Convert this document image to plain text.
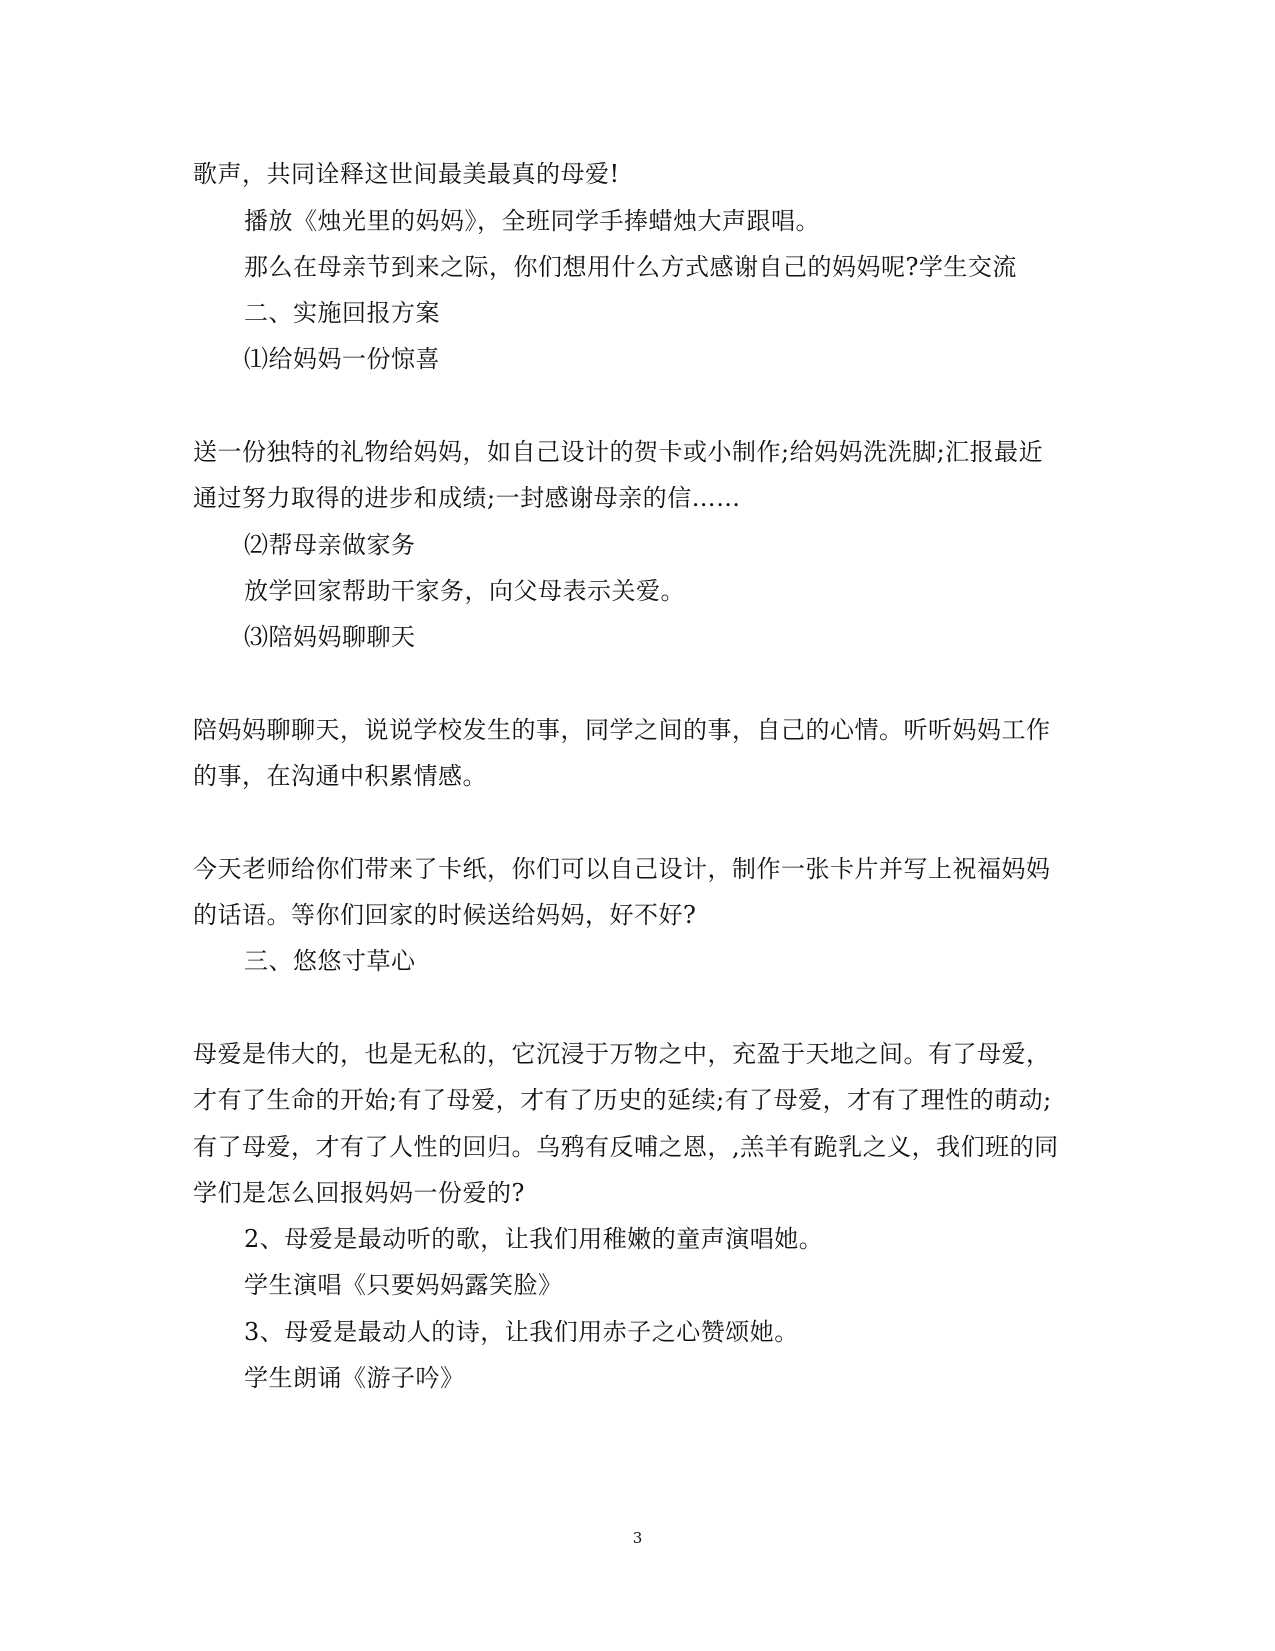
歌声，共同诠释这世间最美最真的母爱!
播放《烛光里的妈妈》，全班同学手捧蜡烛大声跟唱。
那么在母亲节到来之际，你们想用什么方式感谢自己的妈妈呢?学生交流
二、实施回报方案
⑴给妈妈一份惊喜
送一份独特的礼物给妈妈，如自己设计的贺卡或小制作;给妈妈洗洗脚;汇报最近
通过努力取得的进步和成绩;一封感谢母亲的信……
⑵帮母亲做家务
放学回家帮助干家务，向父母表示关爱。
⑶陪妈妈聊聊天
陪妈妈聊聊天，说说学校发生的事，同学之间的事，自己的心情。听听妈妈工作
的事，在沟通中积累情感。
今天老师给你们带来了卡纸，你们可以自己设计，制作一张卡片并写上祝福妈妈
的话语。等你们回家的时候送给妈妈，好不好?
三、悠悠寸草心
母爱是伟大的，也是无私的，它沉浸于万物之中，充盈于天地之间。有了母爱，
才有了生命的开始;有了母爱，才有了历史的延续;有了母爱，才有了理性的萌动;
有了母爱，才有了人性的回归。乌鸦有反哺之恩，,羔羊有跪乳之义，我们班的同
学们是怎么回报妈妈一份爱的?
2、母爱是最动听的歌，让我们用稚嫩的童声演唱她。
学生演唱《只要妈妈露笑脸》
3、母爱是最动人的诗，让我们用赤子之心赞颂她。
学生朗诵《游子吟》
3
